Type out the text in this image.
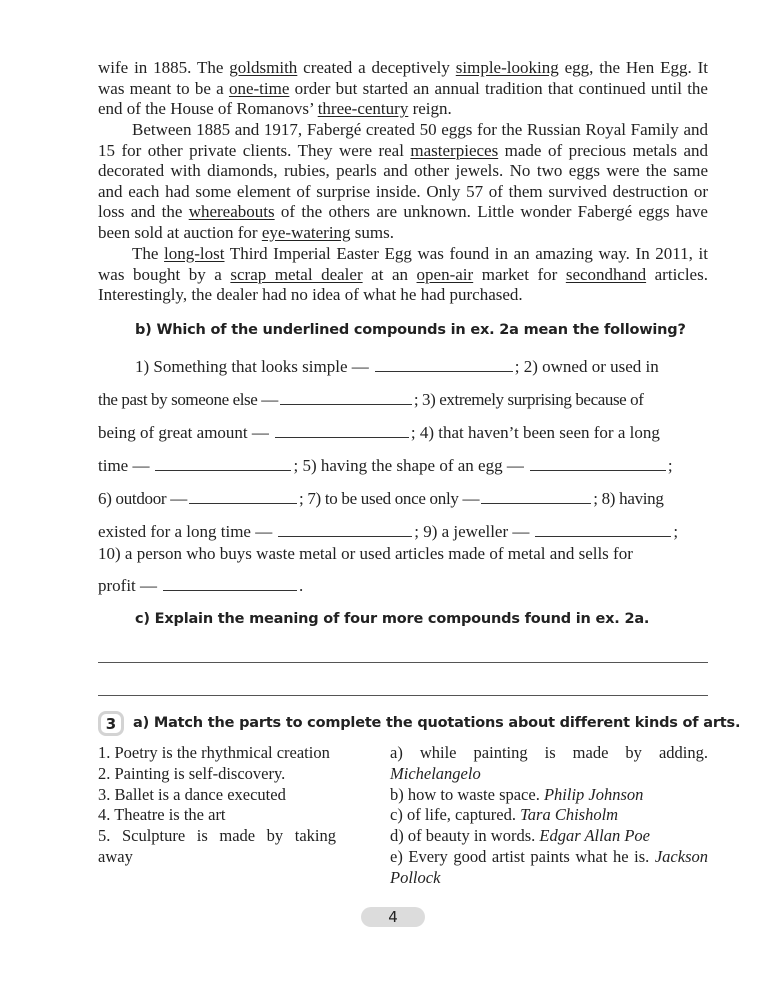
wife in 1885. The goldsmith created a deceptively simple-looking egg, the Hen Egg. It was meant to be a one-time order but started an annual tradition that continued until the end of the House of Romanovs’ three-century reign.
Between 1885 and 1917, Fabergé created 50 eggs for the Russian Royal Family and 15 for other private clients. They were real masterpieces made of precious metals and decorated with diamonds, rubies, pearls and other jewels. No two eggs were the same and each had some element of surprise inside. Only 57 of them survived destruction or loss and the whereabouts of the others are unknown. Little wonder Fabergé eggs have been sold at auction for eye-watering sums.
The long-lost Third Imperial Easter Egg was found in an amazing way. In 2011, it was bought by a scrap metal dealer at an open-air market for secondhand articles. Interestingly, the dealer had no idea of what he had purchased.
b) Which of the underlined compounds in ex. 2a mean the following?
1) Something that looks simple —	; 2) owned or used in
the past by someone else —	; 3) extremely surprising because of
being of great amount —	; 4) that haven’t been seen for a long
time —	; 5) having the shape of an egg —	;
6) outdoor —	; 7) to be used once only —	; 8) having
existed for a long time —	; 9) a jeweller —	;
10) a person who buys waste metal or used articles made of metal and sells for
profit —	.
c) Explain the meaning of four more compounds found in ex. 2a.
3	a) Match the parts to complete the quotations about different kinds of arts.
1. Poetry is the rhythmical creation
2. Painting is self-discovery.
3. Ballet is a dance executed
4. Theatre is the art
5. Sculpture is made by taking away
a) while painting is made by adding. Michelangelo
b) how to waste space. Philip Johnson
c) of life, captured. Tara Chisholm
d) of beauty in words. Edgar Allan Poe
e) Every good artist paints what he is. Jackson Pollock
4
